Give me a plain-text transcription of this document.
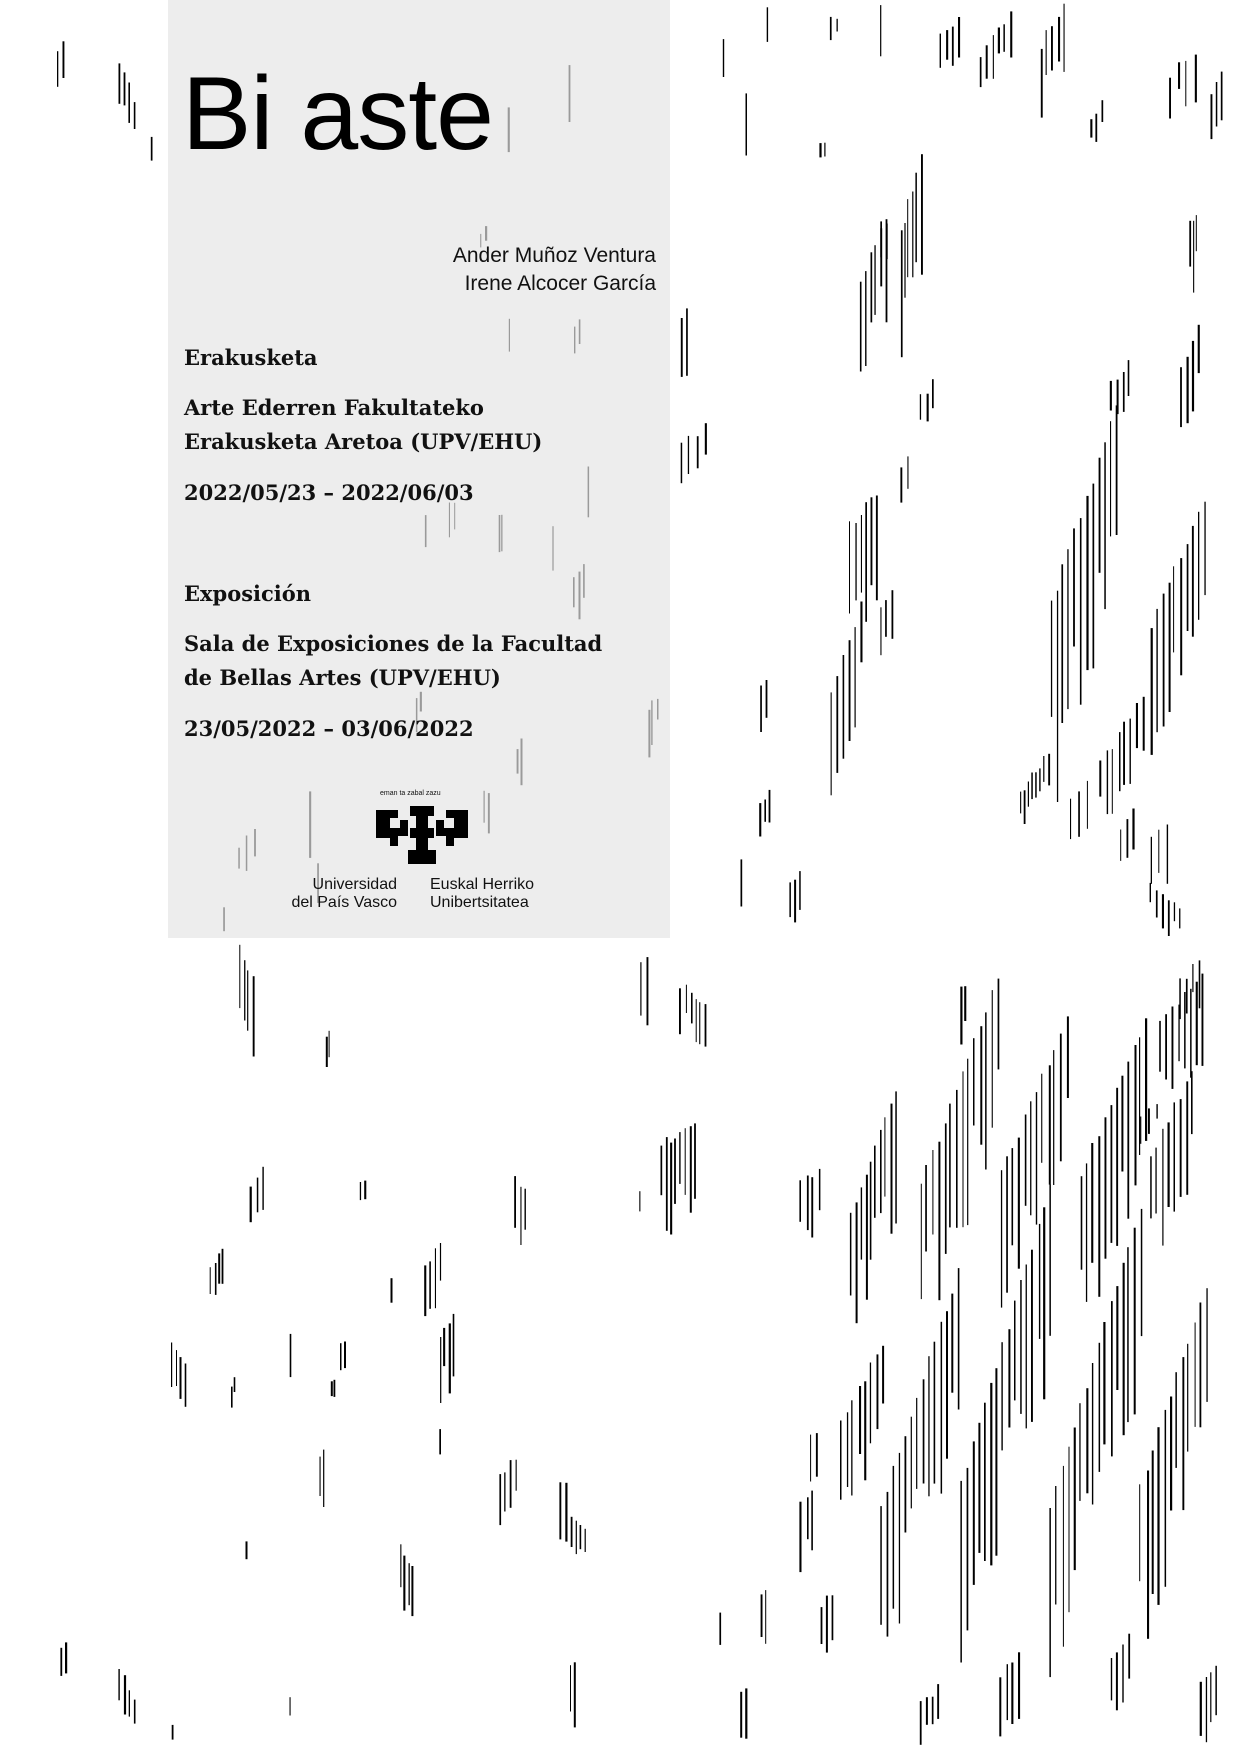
Bi aste
Ander Muñoz Ventura
Irene Alcocer García
Erakusketa
Arte Ederren Fakultateko
Erakusketa Aretoa (UPV/EHU)
2022/05/23 – 2022/06/03
Exposición
Sala de Exposiciones de la Facultad
de Bellas Artes (UPV/EHU)
23/05/2022 – 03/06/2022
eman ta zabal zazu
Universidad
del País Vasco
Euskal Herriko
Unibertsitatea
